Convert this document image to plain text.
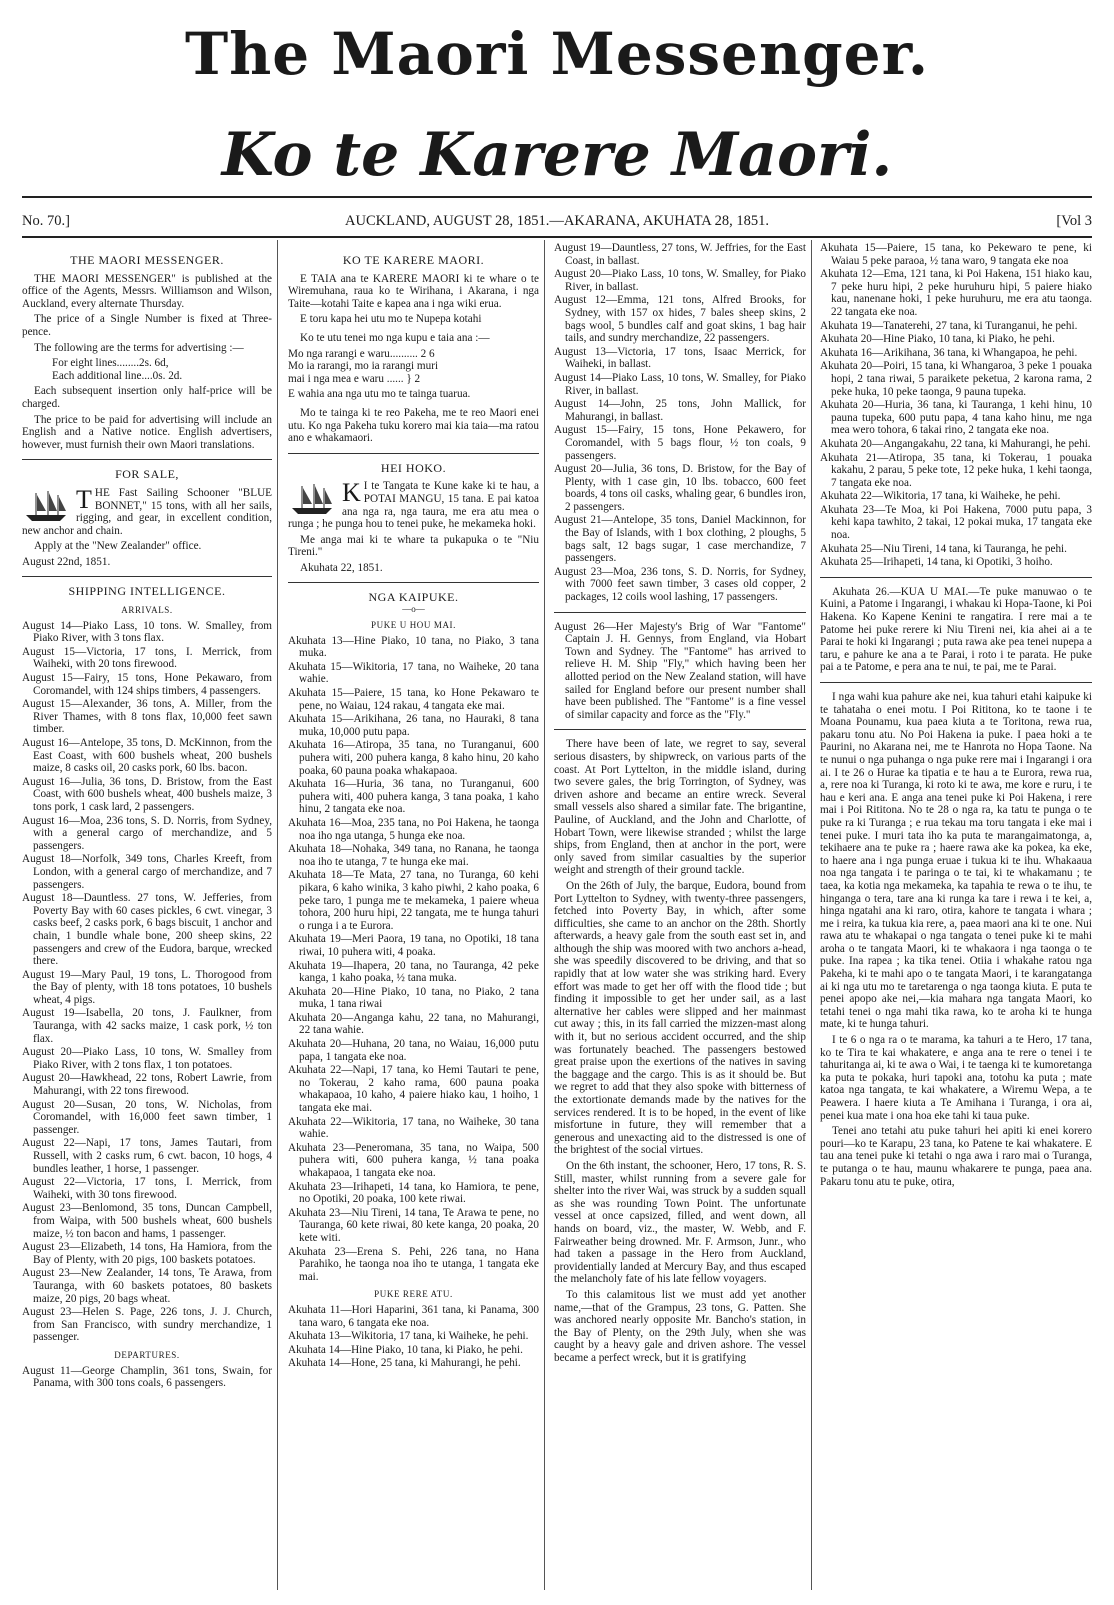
The Maori Messenger.
Ko te Karere Maori.
No. 70.]	AUCKLAND, AUGUST 28, 1851.—AKARANA, AKUHATA 28, 1851.	[Vol 3
THE MAORI MESSENGER.

THE MAORI MESSENGER" is published at the office of the Agents, Messrs. Williamson and Wilson, Auckland, every alternate Thursday.

The price of a Single Number is fixed at Three-pence.

The following are the terms for advertising :—

For eight lines........2s. 6d,

Each additional line....0s. 2d.

Each subsequent insertion only half-price will be charged.

The price to be paid for advertising will include an English and a Native notice. English advertisers, however, must furnish their own Maori translations.

FOR SALE,
T HE Fast Sailing Schooner "BLUE BONNET," 15 tons, with all her sails, rigging, and gear, in excellent condition, new anchor and chain.

Apply at the "New Zealander" office.

August 22nd, 1851.

SHIPPING INTELLIGENCE.
ARRIVALS.

August 14—Piako Lass, 10 tons. W. Smalley, from Piako River, with 3 tons flax.

August 15—Victoria, 17 tons, I. Merrick, from Waiheki, with 20 tons firewood.

August 15—Fairy, 15 tons, Hone Pekawaro, from Coromandel, with 124 ships timbers, 4 passengers.

August 15—Alexander, 36 tons, A. Miller, from the River Thames, with 8 tons flax, 10,000 feet sawn timber.

August 16—Antelope, 35 tons, D. McKinnon, from the East Coast, with 600 bushels wheat, 200 bushels maize, 8 casks oil, 20 casks pork, 60 lbs. bacon.

August 16—Julia, 36 tons, D. Bristow, from the East Coast, with 600 bushels wheat, 400 bushels maize, 3 tons pork, 1 cask lard, 2 passengers.

August 16—Moa, 236 tons, S. D. Norris, from Sydney, with a general cargo of merchandize, and 5 passengers.

August 18—Norfolk, 349 tons, Charles Kreeft, from London, with a general cargo of merchandize, and 7 passengers.

August 18—Dauntless. 27 tons, W. Jefferies, from Poverty Bay with 60 cases pickles, 6 cwt. vinegar, 3 casks beef, 2 casks pork, 6 bags biscuit, 1 anchor and chain, 1 bundle whale bone, 200 sheep skins, 22 passengers and crew of the Eudora, barque, wrecked there.

August 19—Mary Paul, 19 tons, L. Thorogood from the Bay of plenty, with 18 tons potatoes, 10 bushels wheat, 4 pigs.

August 19—Isabella, 20 tons, J. Faulkner, from Tauranga, with 42 sacks maize, 1 cask pork, ½ ton flax.

August 20—Piako Lass, 10 tons, W. Smalley from Piako River, with 2 tons flax, 1 ton potatoes.

August 20—Hawkhead, 22 tons, Robert Lawrie, from Mahurangi, with 22 tons firewood.

August 20—Susan, 20 tons, W. Nicholas, from Coromandel, with 16,000 feet sawn timber, 1 passenger.

August 22—Napi, 17 tons, James Tautari, from Russell, with 2 casks rum, 6 cwt. bacon, 10 hogs, 4 bundles leather, 1 horse, 1 passenger.

August 22—Victoria, 17 tons, I. Merrick, from Waiheki, with 30 tons firewood.

August 23—Benlomond, 35 tons, Duncan Campbell, from Waipa, with 500 bushels wheat, 600 bushels maize, ½ ton bacon and hams, 1 passenger.

August 23—Elizabeth, 14 tons, Ha Hamiora, from the Bay of Plenty, with 20 pigs, 100 baskets potatoes.

August 23—New Zealander, 14 tons, Te Arawa, from Tauranga, with 60 baskets potatoes, 80 baskets maize, 20 pigs, 20 bags wheat.

August 23—Helen S. Page, 226 tons, J. J. Church, from San Francisco, with sundry merchandize, 1 passenger.

DEPARTURES.

August 11—George Champlin, 361 tons, Swain, for Panama, with 300 tons coals, 6 passengers.

KO TE KARERE MAORI.

E TAIA ana te KARERE MAORI ki te whare o te Wiremuhana, raua ko te Wirihana, i Akarana, i nga Taite—kotahi Taite e kapea ana i nga wiki erua.

E toru kapa hei utu mo te Nupepa kotahi

Ko te utu tenei mo nga kupu e taia ana :—

Mo nga rarangi e waru.......... 2 6

Mo ia rarangi, mo ia rarangi muri

mai i nga mea e waru ...... } 2

E wahia ana nga utu mo te tainga tuarua.

Mo te tainga ki te reo Pakeha, me te reo Maori enei utu. Ko nga Pakeha tuku korero mai kia taia—ma ratou ano e whakamaori.

HEI HOKO.
K I te Tangata te Kune kake ki te hau, a POTAI MANGU, 15 tana. E pai katoa ana nga ra, nga taura, me era atu mea o runga ; he punga hou to tenei puke, he mekameka hoki.

Me anga mai ki te whare ta pukapuka o te "Niu Tireni."

Akuhata 22, 1851.

NGA KAIPUKE.
—o—
PUKE U HOU MAI.

Akuhata 13—Hine Piako, 10 tana, no Piako, 3 tana muka.

Akuhata 15—Wikitoria, 17 tana, no Waiheke, 20 tana wahie.

Akuhata 15—Paiere, 15 tana, ko Hone Pekawaro te pene, no Waiau, 124 rakau, 4 tangata eke mai.

Akuhata 15—Arikihana, 26 tana, no Hauraki, 8 tana muka, 10,000 putu papa.

Akuhata 16—Atiropa, 35 tana, no Turanganui, 600 puhera witi, 200 puhera kanga, 8 kaho hinu, 20 kaho poaka, 60 pauna poaka whakapaoa.

Akuhata 16—Huria, 36 tana, no Turanganui, 600 puhera witi, 400 puhera kanga, 3 tana poaka, 1 kaho hinu, 2 tangata eke noa.

Akuhata 16—Moa, 235 tana, no Poi Hakena, he taonga noa iho nga utanga, 5 hunga eke noa.

Akuhata 18—Nohaka, 349 tana, no Ranana, he taonga noa iho te utanga, 7 te hunga eke mai.

Akuhata 18—Te Mata, 27 tana, no Turanga, 60 kehi pikara, 6 kaho winika, 3 kaho piwhi, 2 kaho poaka, 6 peke taro, 1 punga me te mekameka, 1 paiere wheua tohora, 200 huru hipi, 22 tangata, me te hunga tahuri o runga i a te Eurora.

Akuhata 19—Meri Paora, 19 tana, no Opotiki, 18 tana riwai, 10 puhera witi, 4 poaka.

Akuhata 19—Ihapera, 20 tana, no Tauranga, 42 peke kanga, 1 kaho poaka, ½ tana muka.

Akuhata 20—Hine Piako, 10 tana, no Piako, 2 tana muka, 1 tana riwai

Akuhata 20—Anganga kahu, 22 tana, no Mahurangi, 22 tana wahie.

Akuhata 20—Huhana, 20 tana, no Waiau, 16,000 putu papa, 1 tangata eke noa.

Akuhata 22—Napi, 17 tana, ko Hemi Tautari te pene, no Tokerau, 2 kaho rama, 600 pauna poaka whakapaoa, 10 kaho, 4 paiere hiako kau, 1 hoiho, 1 tangata eke mai.

Akuhata 22—Wikitoria, 17 tana, no Waiheke, 30 tana wahie.

Akuhata 23—Peneromana, 35 tana, no Waipa, 500 puhera witi, 600 puhera kanga, ½ tana poaka whakapaoa, 1 tangata eke noa.

Akuhata 23—Irihapeti, 14 tana, ko Hamiora, te pene, no Opotiki, 20 poaka, 100 kete riwai.

Akuhata 23—Niu Tireni, 14 tana, Te Arawa te pene, no Tauranga, 60 kete riwai, 80 kete kanga, 20 poaka, 20 kete witi.

Akuhata 23—Erena S. Pehi, 226 tana, no Hana Parahiko, he taonga noa iho te utanga, 1 tangata eke mai.

PUKE RERE ATU.

Akuhata 11—Hori Haparini, 361 tana, ki Panama, 300 tana waro, 6 tangata eke noa.

Akuhata 13—Wikitoria, 17 tana, ki Waiheke, he pehi.

Akuhata 14—Hine Piako, 10 tana, ki Piako, he pehi.

Akuhata 14—Hone, 25 tana, ki Mahurangi, he pehi.

August 19—Dauntless, 27 tons, W. Jeffries, for the East Coast, in ballast.

August 20—Piako Lass, 10 tons, W. Smalley, for Piako River, in ballast.

August 12—Emma, 121 tons, Alfred Brooks, for Sydney, with 157 ox hides, 7 bales sheep skins, 2 bags wool, 5 bundles calf and goat skins, 1 bag hair tails, and sundry merchandize, 22 passengers.

August 13—Victoria, 17 tons, Isaac Merrick, for Waiheki, in ballast.

August 14—Piako Lass, 10 tons, W. Smalley, for Piako River, in ballast.

August 14—John, 25 tons, John Mallick, for Mahurangi, in ballast.

August 15—Fairy, 15 tons, Hone Pekawero, for Coromandel, with 5 bags flour, ½ ton coals, 9 passengers.

August 20—Julia, 36 tons, D. Bristow, for the Bay of Plenty, with 1 case gin, 10 lbs. tobacco, 600 feet boards, 4 tons oil casks, whaling gear, 6 bundles iron, 2 passengers.

August 21—Antelope, 35 tons, Daniel Mackinnon, for the Bay of Islands, with 1 box clothing, 2 ploughs, 5 bags salt, 12 bags sugar, 1 case merchandize, 7 passengers.

August 23—Moa, 236 tons, S. D. Norris, for Sydney, with 7000 feet sawn timber, 3 cases old copper, 2 packages, 12 coils wool lashing, 17 passengers.

August 26—Her Majesty's Brig of War "Fantome" Captain J. H. Gennys, from England, via Hobart Town and Sydney. The "Fantome" has arrived to relieve H. M. Ship "Fly," which having been her allotted period on the New Zealand station, will have sailed for England before our present number shall have been published. The "Fantome" is a fine vessel of similar capacity and force as the "Fly."

There have been of late, we regret to say, several serious disasters, by shipwreck, on various parts of the coast. At Port Lyttelton, in the middle island, during two severe gales, the brig Torrington, of Sydney, was driven ashore and became an entire wreck. Several small vessels also shared a similar fate. The brigantine, Pauline, of Auckland, and the John and Charlotte, of Hobart Town, were likewise stranded ; whilst the large ships, from England, then at anchor in the port, were only saved from similar casualties by the superior weight and strength of their ground tackle.

On the 26th of July, the barque, Eudora, bound from Port Lyttelton to Sydney, with twenty-three passengers, fetched into Poverty Bay, in which, after some difficulties, she came to an anchor on the 28th. Shortly afterwards, a heavy gale from the south east set in, and although the ship was moored with two anchors a-head, she was speedily discovered to be driving, and that so rapidly that at low water she was striking hard. Every effort was made to get her off with the flood tide ; but finding it impossible to get her under sail, as a last alternative her cables were slipped and her mainmast cut away ; this, in its fall carried the mizzen-mast along with it, but no serious accident occurred, and the ship was fortunately beached. The passengers bestowed great praise upon the exertions of the natives in saving the baggage and the cargo. This is as it should be. But we regret to add that they also spoke with bitterness of the extortionate demands made by the natives for the services rendered. It is to be hoped, in the event of like misfortune in future, they will remember that a generous and unexacting aid to the distressed is one of the brightest of the social virtues.

On the 6th instant, the schooner, Hero, 17 tons, R. S. Still, master, whilst running from a severe gale for shelter into the river Wai, was struck by a sudden squall as she was rounding Town Point. The unfortunate vessel at once capsized, filled, and went down, all hands on board, viz., the master, W. Webb, and F. Fairweather being drowned. Mr. F. Armson, Junr., who had taken a passage in the Hero from Auckland, providentially landed at Mercury Bay, and thus escaped the melancholy fate of his late fellow voyagers.

To this calamitous list we must add yet another name,—that of the Grampus, 23 tons, G. Patten. She was anchored nearly opposite Mr. Bancho's station, in the Bay of Plenty, on the 29th July, when she was caught by a heavy gale and driven ashore. The vessel became a perfect wreck, but it is gratifying

Akuhata 15—Paiere, 15 tana, ko Pekewaro te pene, ki Waiau 5 peke paraoa, ½ tana waro, 9 tangata eke noa

Akuhata 12—Ema, 121 tana, ki Poi Hakena, 151 hiako kau, 7 peke huru hipi, 2 peke huruhuru hipi, 5 paiere hiako kau, nanenane hoki, 1 peke huruhuru, me era atu taonga. 22 tangata eke noa.

Akuhata 19—Tanaterehi, 27 tana, ki Turanganui, he pehi.

Akuhata 20—Hine Piako, 10 tana, ki Piako, he pehi.

Akuhata 16—Arikihana, 36 tana, ki Whangapoa, he pehi.

Akuhata 20—Poiri, 15 tana, ki Whangaroa, 3 peke 1 pouaka hopi, 2 tana riwai, 5 paraikete peketua, 2 karona rama, 2 peke huka, 10 peke taonga, 9 pauna tupeka.

Akuhata 20—Huria, 36 tana, ki Tauranga, 1 kehi hinu, 10 pauna tupeka, 600 putu papa, 4 tana kaho hinu, me nga mea wero tohora, 6 takai rino, 2 tangata eke noa.

Akuhata 20—Angangakahu, 22 tana, ki Mahurangi, he pehi.

Akuhata 21—Atiropa, 35 tana, ki Tokerau, 1 pouaka kakahu, 2 parau, 5 peke tote, 12 peke huka, 1 kehi taonga, 7 tangata eke noa.

Akuhata 22—Wikitoria, 17 tana, ki Waiheke, he pehi.

Akuhata 23—Te Moa, ki Poi Hakena, 7000 putu papa, 3 kehi kapa tawhito, 2 takai, 12 pokai muka, 17 tangata eke noa.

Akuhata 25—Niu Tireni, 14 tana, ki Tauranga, he pehi.

Akuhata 25—Irihapeti, 14 tana, ki Opotiki, 3 hoiho.

Akuhata 26.—KUA U MAI.—Te puke manuwao o te Kuini, a Patome i Ingarangi, i whakau ki Hopa-Taone, ki Poi Hakena. Ko Kapene Kenini te rangatira. I rere mai a te Patome hei puke rerere ki Niu Tireni nei, kia ahei ai a te Parai te hoki ki Ingarangi ; puta rawa ake pea tenei nupepa a taru, e pahure ke ana a te Parai, i roto i te parata. He puke pai a te Patome, e pera ana te nui, te pai, me te Parai.

I nga wahi kua pahure ake nei, kua tahuri etahi kaipuke ki te tahataha o enei motu. I Poi Rititona, ko te taone i te Moana Pounamu, kua paea kiuta a te Toritona, rewa rua, pakaru tonu atu. No Poi Hakena ia puke. I paea hoki a te Paurini, no Akarana nei, me te Hanrota no Hopa Taone. Na te nunui o nga puhanga o nga puke rere mai i Ingarangi i ora ai. I te 26 o Hurae ka tipatia e te hau a te Eurora, rewa rua, a, rere noa ki Turanga, ki roto ki te awa, me kore e ruru, i te hau e keri ana. E anga ana tenei puke ki Poi Hakena, i rere mai i Poi Rititona. No te 28 o nga ra, ka tatu te punga o te puke ra ki Turanga ; e rua tekau ma toru tangata i eke mai i tenei puke. I muri tata iho ka puta te marangaimatonga, a, tekihaere ana te puke ra ; haere rawa ake ka pokea, ka eke, to haere ana i nga punga eruae i tukua ki te ihu. Whakaaua noa nga tangata i te paringa o te tai, ki te whakamanu ; te taea, ka kotia nga mekameka, ka tapahia te rewa o te ihu, te hinganga o tera, tare ana ki runga ka tare i rewa i te kei, a, hinga ngatahi ana ki raro, otira, kahore te tangata i whara ; me i reira, ka tukua kia rere, a, paea maori ana ki te one. Nui rawa atu te whakapai o nga tangata o tenei puke ki te mahi aroha o te tangata Maori, ki te whakaora i nga taonga o te puke. Ina rapea ; ka tika tenei. Otiia i whakahe ratou nga Pakeha, ki te mahi apo o te tangata Maori, i te karangatanga ai ki nga utu mo te taretarenga o nga taonga kiuta. E puta te penei apopo ake nei,—kia mahara nga tangata Maori, ko tetahi tenei o nga mahi tika rawa, ko te aroha ki te hunga mate, ki te hunga tahuri.

I te 6 o nga ra o te marama, ka tahuri a te Hero, 17 tana, ko te Tira te kai whakatere, e anga ana te rere o tenei i te tahuritanga ai, ki te awa o Wai, i te taenga ki te kumoretanga ka puta te pokaka, huri tapoki ana, totohu ka puta ; mate katoa nga tangata, te kai whakatere, a Wiremu Wepa, a te Peawera. I haere kiuta a Te Amihana i Turanga, i ora ai, penei kua mate i ona hoa eke tahi ki taua puke.

Tenei ano tetahi atu puke tahuri hei apiti ki enei korero pouri—ko te Karapu, 23 tana, ko Patene te kai whakatere. E tau ana tenei puke ki tetahi o nga awa i raro mai o Turanga, te putanga o te hau, maunu whakarere te punga, paea ana. Pakaru tonu atu te puke, otira,
